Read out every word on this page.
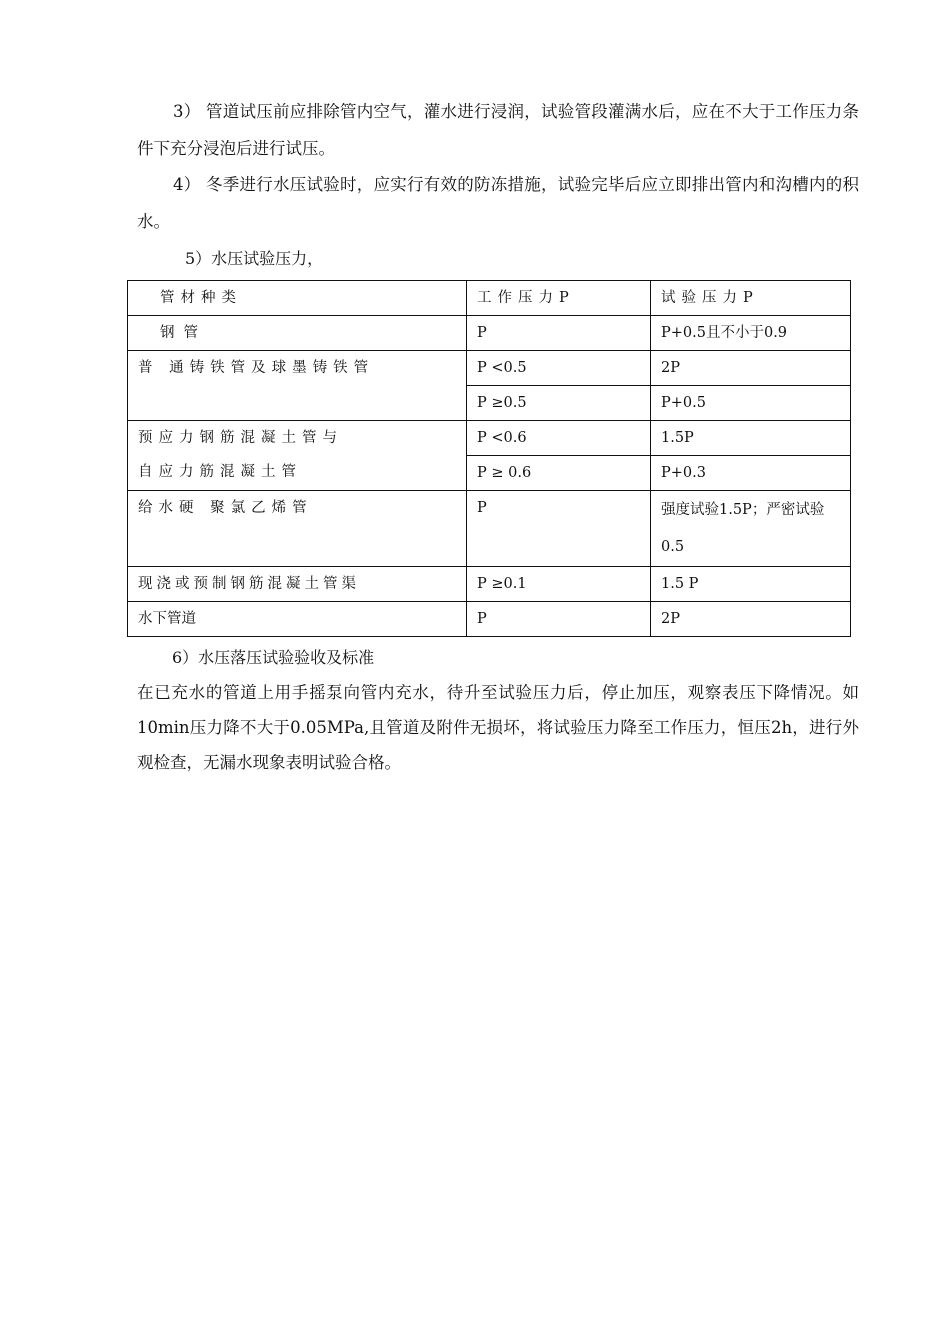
3） 管道试压前应排除管内空气，灌水进行浸润，试验管段灌满水后，应在不大于工作压力条件下充分浸泡后进行试压。
4） 冬季进行水压试验时，应实行有效的防冻措施，试验完毕后应立即排出管内和沟槽内的积水。
5）水压试验压力，
管材种类	工作压力P	试验压力P
钢管	P	P+0.5且不小于0.9
普 通铸铁管及球墨铸铁管	P <0.5	2P
	P ≥0.5	P+0.5

预应力钢筋混凝土管与
自应力筋混凝土管	P <0.6	1.5P
	P ≥ 0.6	P+0.3
给水硬 聚氯乙烯管	P	强度试验1.5P；严密试验
0.5

现浇或预制钢筋混凝土管渠	P ≥0.1	1.5 P
水下管道	P	2P
6）水压落压试验验收及标准
在已充水的管道上用手摇泵向管内充水，待升至试验压力后，停止加压，观察表压下降情况。如10min压力降不大于0.05MPa,且管道及附件无损坏，将试验压力降至工作压力，恒压2h，进行外观检查，无漏水现象表明试验合格。
